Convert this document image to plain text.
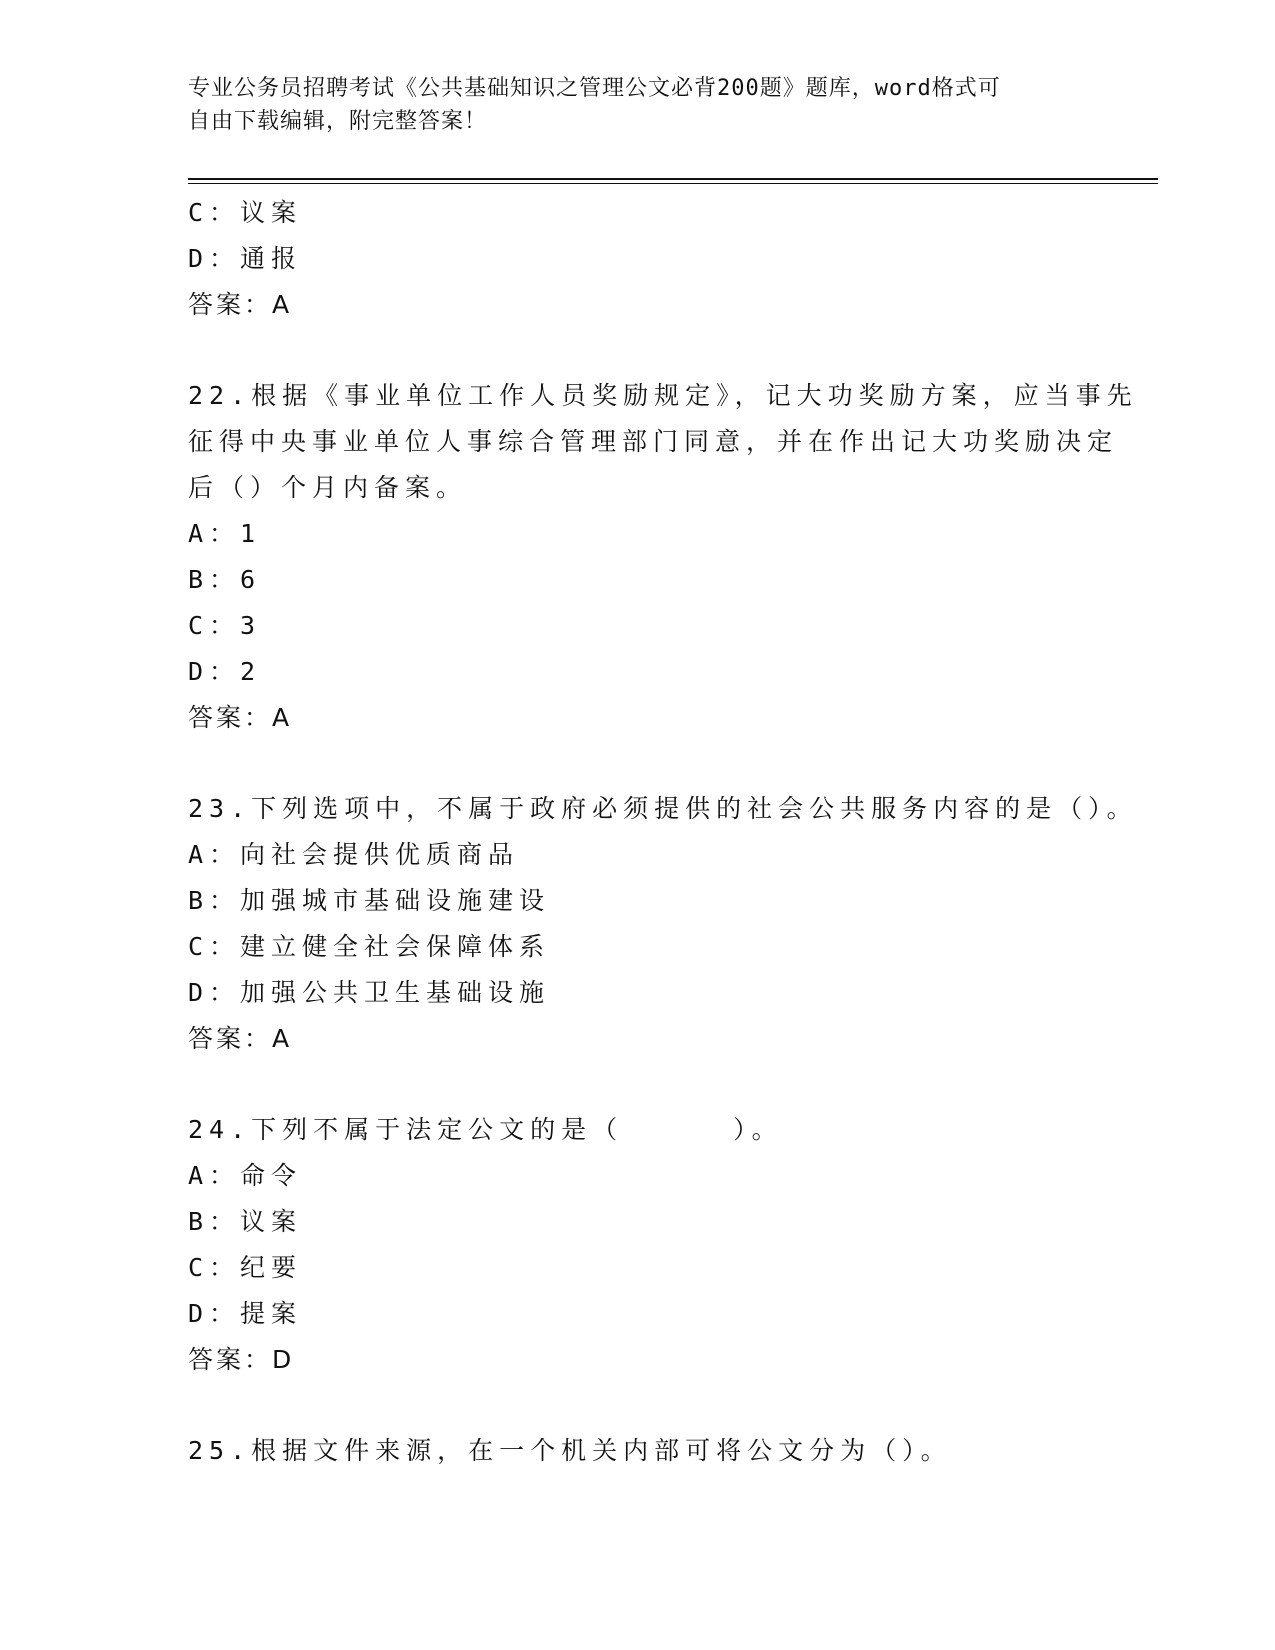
专业公务员招聘考试《公共基础知识之管理公文必背200题》题库，word格式可
自由下载编辑，附完整答案！
C：议案
D：通报
答案：A
22.根据《事业单位工作人员奖励规定》，记大功奖励方案，应当事先
征得中央事业单位人事综合管理部门同意，并在作出记大功奖励决定
后（）个月内备案。
A：1
B：6
C：3
D：2
答案：A
23.下列选项中，不属于政府必须提供的社会公共服务内容的是（）。
A：向社会提供优质商品
B：加强城市基础设施建设
C：建立健全社会保障体系
D：加强公共卫生基础设施
答案：A
24.下列不属于法定公文的是（	）。
A：命令
B：议案
C：纪要
D：提案
答案：D
25.根据文件来源，在一个机关内部可将公文分为（）。
